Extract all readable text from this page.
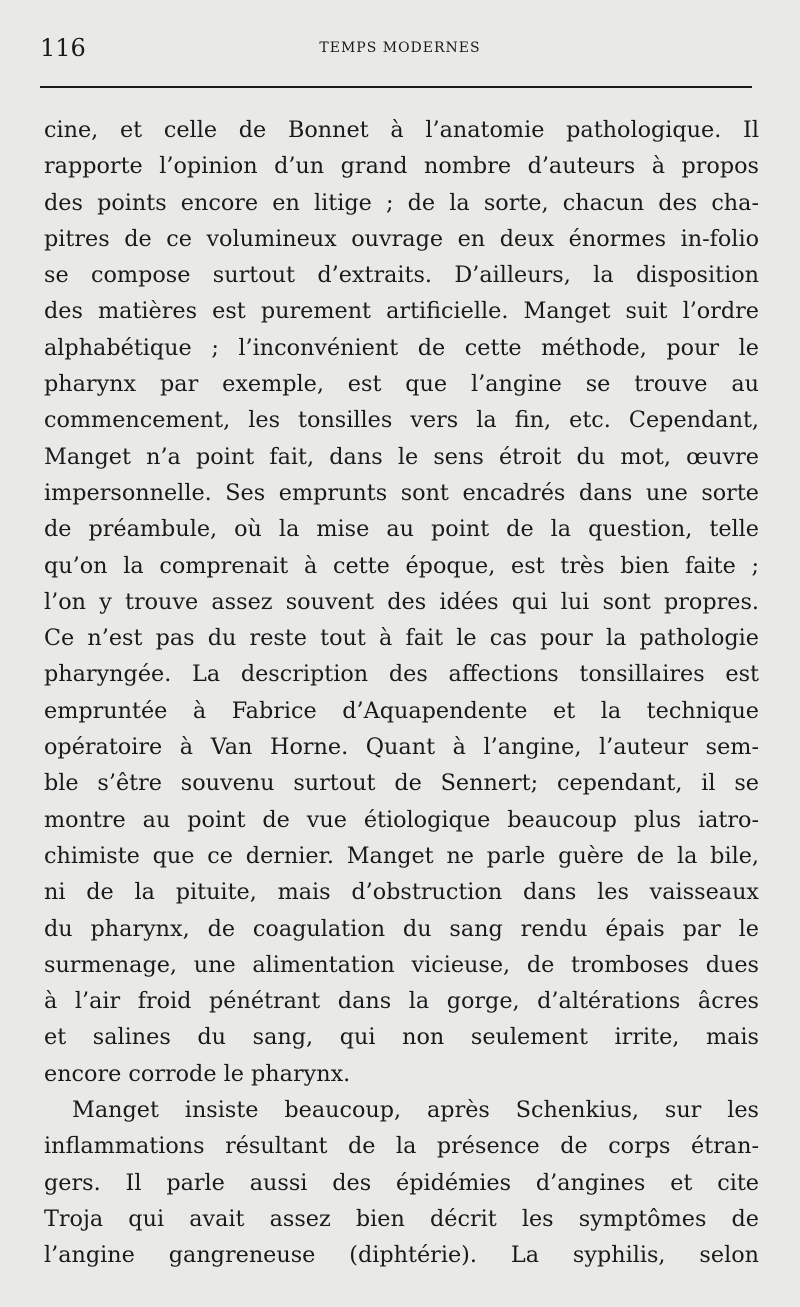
116	TEMPS MODERNES
cine, et celle de Bonnet à l’anatomie pathologique. Il
rapporte l’opinion d’un grand nombre d’auteurs à propos
des points encore en litige ; de la sorte, chacun des cha-
pitres de ce volumineux ouvrage en deux énormes in-folio
se compose surtout d’extraits. D’ailleurs, la disposition
des matières est purement artificielle. Manget suit l’ordre
alphabétique ; l’inconvénient de cette méthode, pour le
pharynx par exemple, est que l’angine se trouve au
commencement, les tonsilles vers la fin, etc. Cependant,
Manget n’a point fait, dans le sens étroit du mot, œuvre
impersonnelle. Ses emprunts sont encadrés dans une sorte
de préambule, où la mise au point de la question, telle
qu’on la comprenait à cette époque, est très bien faite ;
l’on y trouve assez souvent des idées qui lui sont propres.
Ce n’est pas du reste tout à fait le cas pour la pathologie
pharyngée. La description des affections tonsillaires est
empruntée à Fabrice d’Aquapendente et la technique
opératoire à Van Horne. Quant à l’angine, l’auteur sem-
ble s’être souvenu surtout de Sennert; cependant, il se
montre au point de vue étiologique beaucoup plus iatro-
chimiste que ce dernier. Manget ne parle guère de la bile,
ni de la pituite, mais d’obstruction dans les vaisseaux
du pharynx, de coagulation du sang rendu épais par le
surmenage, une alimentation vicieuse, de tromboses dues
à l’air froid pénétrant dans la gorge, d’altérations âcres
et salines du sang, qui non seulement irrite, mais
encore corrode le pharynx.
Manget insiste beaucoup, après Schenkius, sur les
inflammations résultant de la présence de corps étran-
gers. Il parle aussi des épidémies d’angines et cite
Troja qui avait assez bien décrit les symptômes de
l’angine gangreneuse (diphtérie). La syphilis, selon
